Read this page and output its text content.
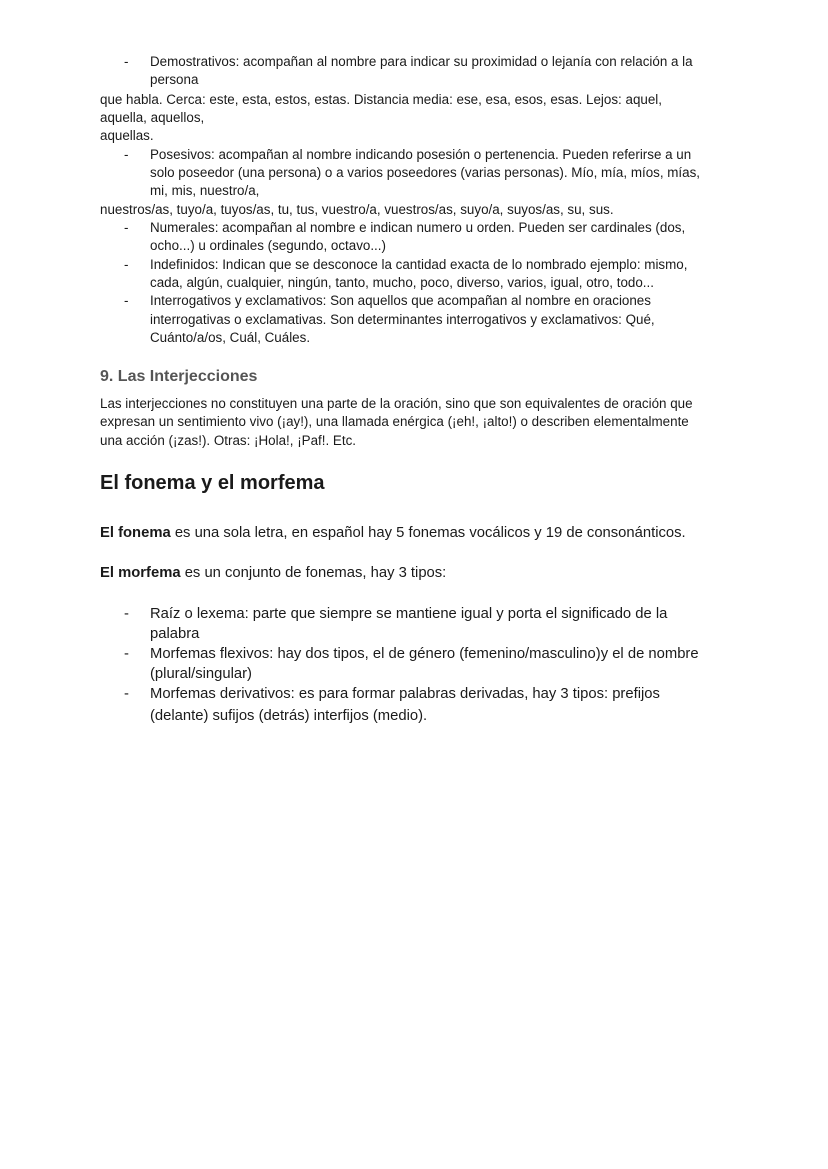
- Demostrativos: acompañan al nombre para indicar su proximidad o lejanía con relación a la

persona

que habla. Cerca: este, esta, estos, estas. Distancia media: ese, esa, esos, esas. Lejos: aquel,

aquella, aquellos,

aquellas.

- Posesivos: acompañan al nombre indicando posesión o pertenencia. Pueden referirse a un

solo poseedor (una persona) o a varios poseedores (varias personas). Mío, mía, míos, mías,

mi, mis, nuestro/a,

nuestros/as, tuyo/a, tuyos/as, tu, tus, vuestro/a, vuestros/as, suyo/a, suyos/as, su, sus.

- Numerales: acompañan al nombre e indican numero u orden. Pueden ser cardinales (dos,

ocho...) u ordinales (segundo, octavo...)

- Indefinidos: Indican que se desconoce la cantidad exacta de lo nombrado ejemplo: mismo,

cada, algún, cualquier, ningún, tanto, mucho, poco, diverso, varios, igual, otro, todo...

- Interrogativos y exclamativos: Son aquellos que acompañan al nombre en oraciones

interrogativas o exclamativas. Son determinantes interrogativos y exclamativos: Qué,

Cuánto/a/os, Cuál, Cuáles.

9. Las Interjecciones

Las interjecciones no constituyen una parte de la oración, sino que son equivalentes de oración que

expresan un sentimiento vivo (¡ay!), una llamada enérgica (¡eh!, ¡alto!) o describen elementalmente

una acción (¡zas!). Otras: ¡Hola!, ¡Paf!. Etc.

El fonema y el morfema

El fonema es una sola letra, en español hay 5 fonemas vocálicos y 19 de consonánticos.

El morfema es un conjunto de fonemas, hay 3 tipos:

- Raíz o lexema: parte que siempre se mantiene igual y porta el significado de la

palabra

- Morfemas flexivos: hay dos tipos, el de género (femenino/masculino)y el de nombre

(plural/singular)

- Morfemas derivativos: es para formar palabras derivadas, hay 3 tipos: prefijos

(delante) sufijos (detrás) interfijos (medio).
